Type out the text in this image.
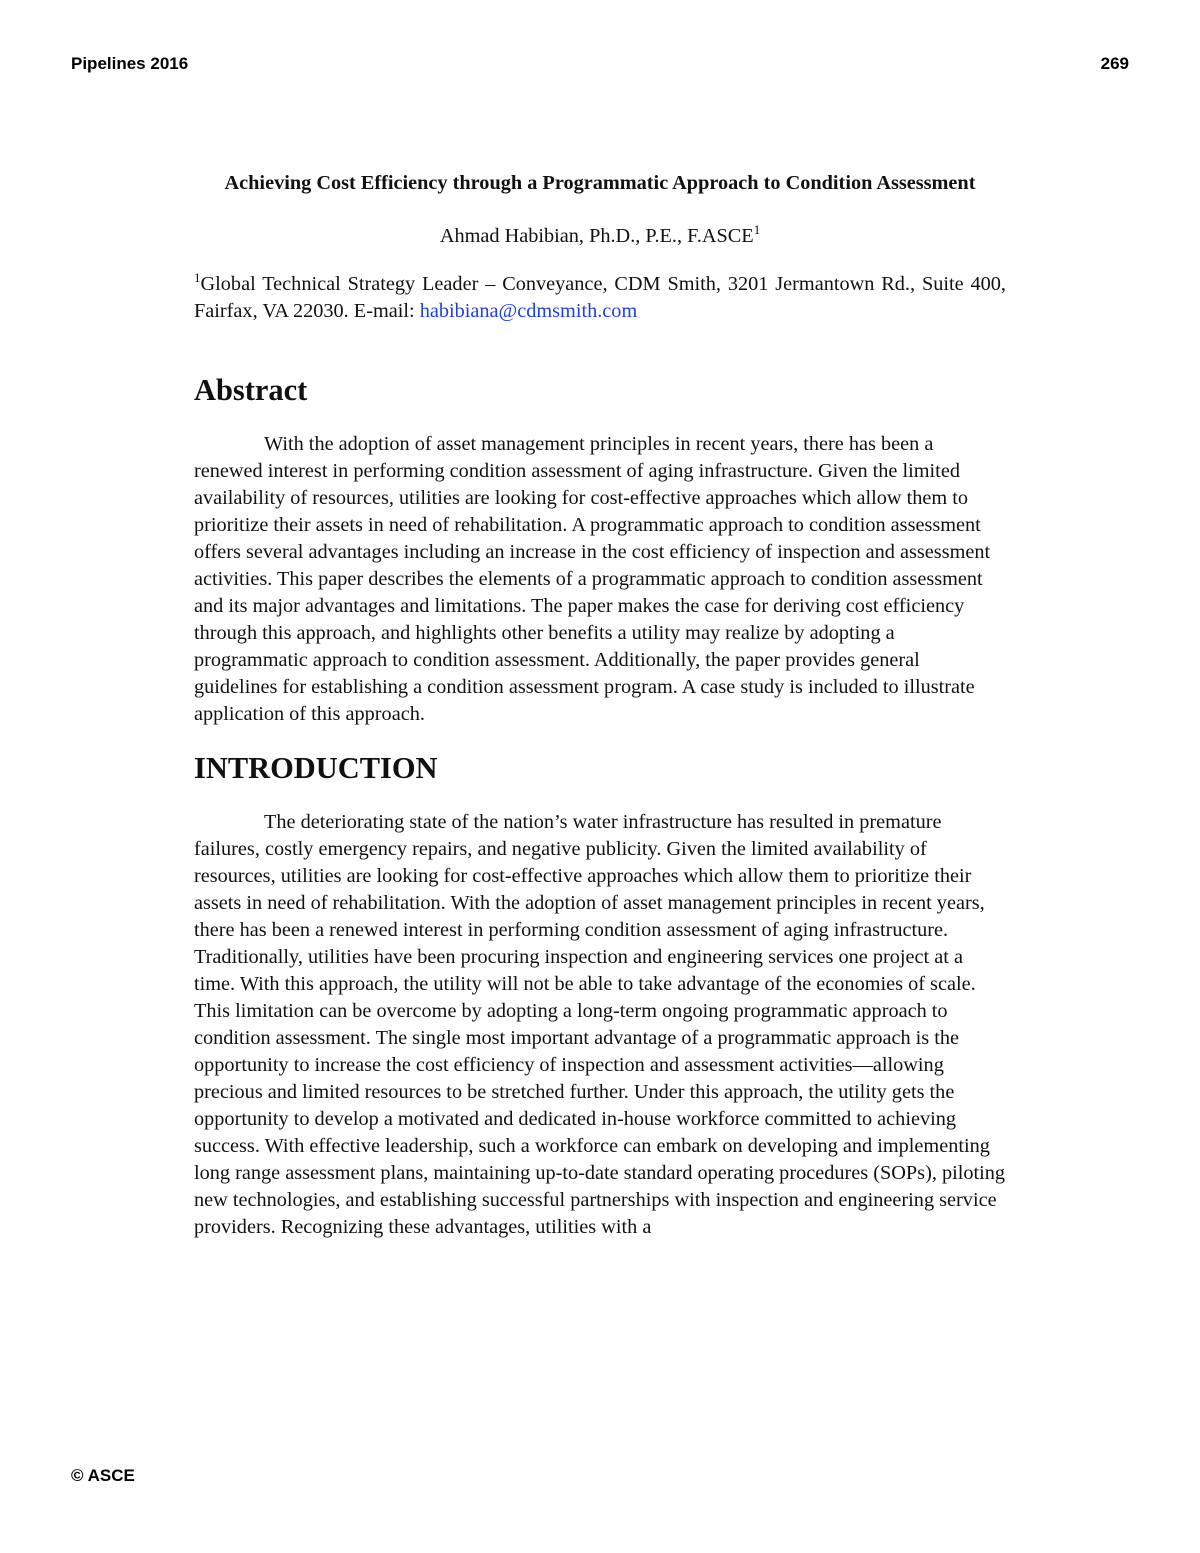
Pipelines 2016	269
Achieving Cost Efficiency through a Programmatic Approach to Condition Assessment

Ahmad Habibian, Ph.D., P.E., F.ASCE$^1$

$^1$Global Technical Strategy Leader – Conveyance, CDM Smith, 3201 Jermantown Rd., Suite 400, Fairfax, VA 22030. E-mail: habibiana@cdmsmith.com

Abstract

With the adoption of asset management principles in recent years, there has been a renewed interest in performing condition assessment of aging infrastructure. Given the limited availability of resources, utilities are looking for cost-effective approaches which allow them to prioritize their assets in need of rehabilitation. A programmatic approach to condition assessment offers several advantages including an increase in the cost efficiency of inspection and assessment activities. This paper describes the elements of a programmatic approach to condition assessment and its major advantages and limitations. The paper makes the case for deriving cost efficiency through this approach, and highlights other benefits a utility may realize by adopting a programmatic approach to condition assessment. Additionally, the paper provides general guidelines for establishing a condition assessment program. A case study is included to illustrate application of this approach.

INTRODUCTION

The deteriorating state of the nation’s water infrastructure has resulted in premature failures, costly emergency repairs, and negative publicity. Given the limited availability of resources, utilities are looking for cost-effective approaches which allow them to prioritize their assets in need of rehabilitation. With the adoption of asset management principles in recent years, there has been a renewed interest in performing condition assessment of aging infrastructure. Traditionally, utilities have been procuring inspection and engineering services one project at a time. With this approach, the utility will not be able to take advantage of the economies of scale. This limitation can be overcome by adopting a long-term ongoing programmatic approach to condition assessment. The single most important advantage of a programmatic approach is the opportunity to increase the cost efficiency of inspection and assessment activities—allowing precious and limited resources to be stretched further. Under this approach, the utility gets the opportunity to develop a motivated and dedicated in-house workforce committed to achieving success. With effective leadership, such a workforce can embark on developing and implementing long range assessment plans, maintaining up-to-date standard operating procedures (SOPs), piloting new technologies, and establishing successful partnerships with inspection and engineering service providers. Recognizing these advantages, utilities with a

© ASCE
